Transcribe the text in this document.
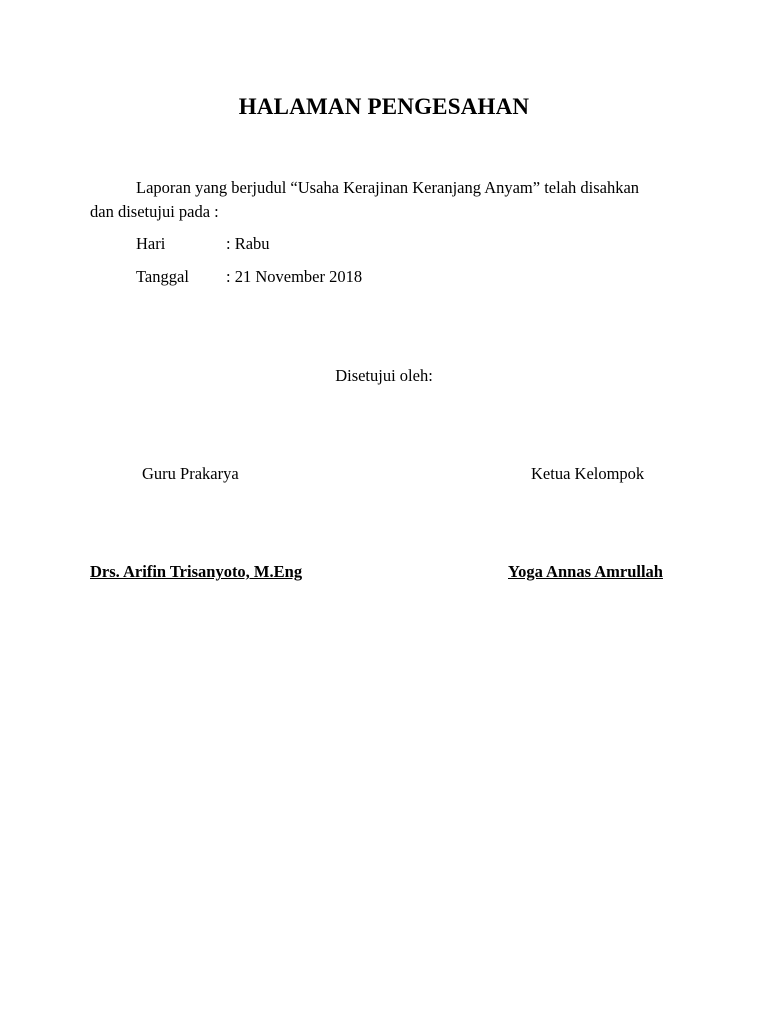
HALAMAN PENGESAHAN
Laporan yang berjudul “Usaha Kerajinan Keranjang Anyam” telah disahkan
dan disetujui pada :
Hari	: Rabu
Tanggal : 21 November 2018
Disetujui oleh:
Guru Prakarya	Ketua Kelompok
Drs. Arifin Trisanyoto, M.Eng	Yoga Annas Amrullah
